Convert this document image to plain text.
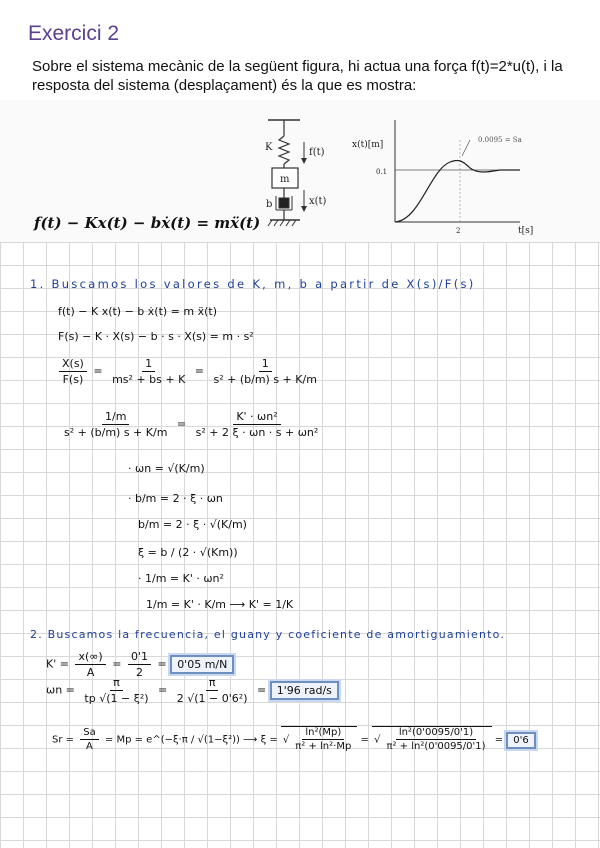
Exercici 2
Sobre el sistema mecànic de la següent figura, hi actua una força f(t)=2*u(t), i la resposta del sistema (desplaçament) és la que es mostra:
K
m
b
f(t)
x(t)
x(t)[m]
t[s]
0.1
2
0.0095 = Sa
f(t) − Kx(t) − bẋ(t) = mẍ(t)
1. Buscamos los valores de K, m, b a partir de X(s)/F(s)
f(t) − K x(t) − b ẋ(t) = m ẍ(t)
F(s) − K · X(s) − b · s · X(s) = m · s²
$\frac{X(s)}{F(s)} = \frac{1}{\text{ms² + bs + K}} = \frac{1}{\text{s² + (b/m) s + K/m}}$
$\frac{1/m}{\text{s² + (b/m) s + K/m}} = \frac{\text{K' · ωn²}}{\text{s² + 2 ξ · ωn · s + ωn²}}$
· ωn = √(K/m)
· b/m = 2 · ξ · ωn
b/m = 2 · ξ · √(K/m)
ξ = b / (2 · √(Km))
· 1/m = K' · ωn²
1/m = K' · K/m ⟶ K' = 1/K
2. Buscamos la frecuencia, el guany y coeficiente de amortiguamiento.
$K' = \frac{x(\infty)}{A} = \frac{0'1}{2} = 0'05$ m/N
$\omega n = \frac{\pi}{\text{tp √(1 − ξ²)}} = \frac{\pi}{\text{2 √(1 − 0'6²)}} = 1'96$ rad/s
$Sr = \frac{Sa}{A} = Mp$ = e^(−ξ·π / √(1−ξ²)) ⟶ ξ = √ $\frac{\text{ln²(Mp)}}{\text{π² + ln²·Mp}}$ = √ $\frac{\text{ln²(0'0095/0'1)}}{\text{π² + ln²(0'0095/0'1)}} = 0'6$
